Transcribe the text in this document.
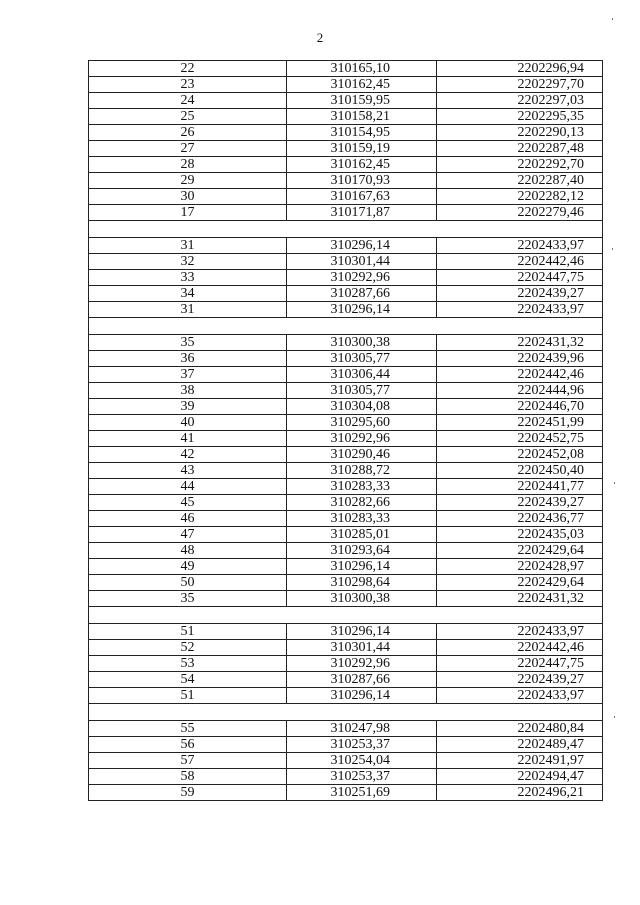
2
22	310165,10	2202296,94
23	310162,45	2202297,70
24	310159,95	2202297,03
25	310158,21	2202295,35
26	310154,95	2202290,13
27	310159,19	2202287,48
28	310162,45	2202292,70
29	310170,93	2202287,40
30	310167,63	2202282,12
17	310171,87	2202279,46

31	310296,14	2202433,97
32	310301,44	2202442,46
33	310292,96	2202447,75
34	310287,66	2202439,27
31	310296,14	2202433,97

35	310300,38	2202431,32
36	310305,77	2202439,96
37	310306,44	2202442,46
38	310305,77	2202444,96
39	310304,08	2202446,70
40	310295,60	2202451,99
41	310292,96	2202452,75
42	310290,46	2202452,08
43	310288,72	2202450,40
44	310283,33	2202441,77
45	310282,66	2202439,27
46	310283,33	2202436,77
47	310285,01	2202435,03
48	310293,64	2202429,64
49	310296,14	2202428,97
50	310298,64	2202429,64
35	310300,38	2202431,32

51	310296,14	2202433,97
52	310301,44	2202442,46
53	310292,96	2202447,75
54	310287,66	2202439,27
51	310296,14	2202433,97

55	310247,98	2202480,84
56	310253,37	2202489,47
57	310254,04	2202491,97
58	310253,37	2202494,47
59	310251,69	2202496,21
